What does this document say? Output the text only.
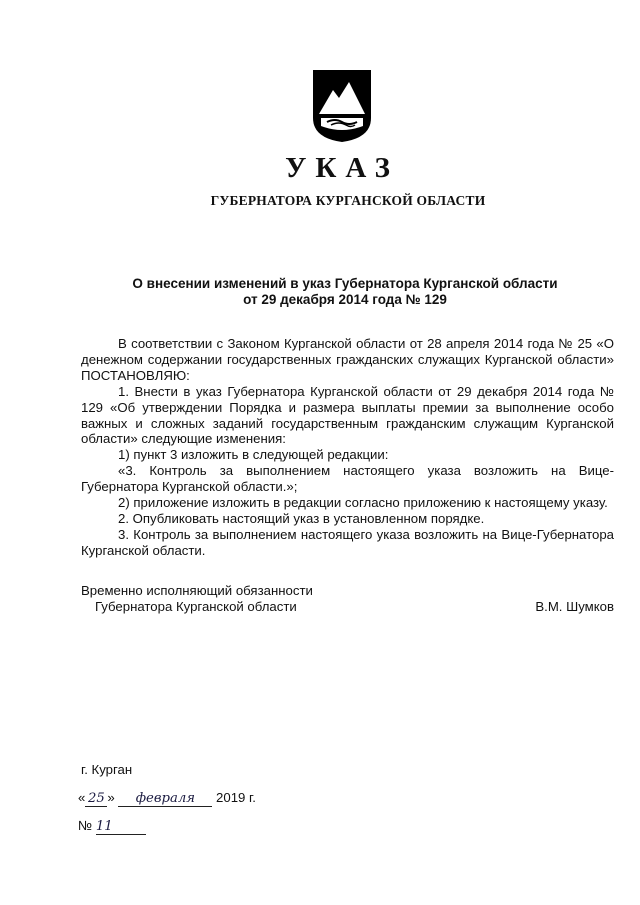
УКАЗ
ГУБЕРНАТОРА КУРГАНСКОЙ ОБЛАСТИ
О внесении изменений в указ Губернатора Курганской области
от 29 декабря 2014 года № 129

В соответствии с Законом Курганской области от 28 апреля 2014 года № 25 «О денежном содержании государственных гражданских служащих Курганской области» ПОСТАНОВЛЯЮ:

1. Внести в указ Губернатора Курганской области от 29 декабря 2014 года № 129 «Об утверждении Порядка и размера выплаты премии за выполнение особо важных и сложных заданий государственным гражданским служащим Курганской области» следующие изменения:

1) пункт 3 изложить в следующей редакции:

«3. Контроль за выполнением настоящего указа возложить на Вице-Губернатора Курганской области.»;

2) приложение изложить в редакции согласно приложению к настоящему указу.

2. Опубликовать настоящий указ в установленном порядке.

3. Контроль за выполнением настоящего указа возложить на Вице-Губернатора Курганской области.

Временно исполняющий обязанности
Губернатора Курганской области	В.М. Шумков
г. Курган
« 25 » февраля 2019 г.
№ 11
